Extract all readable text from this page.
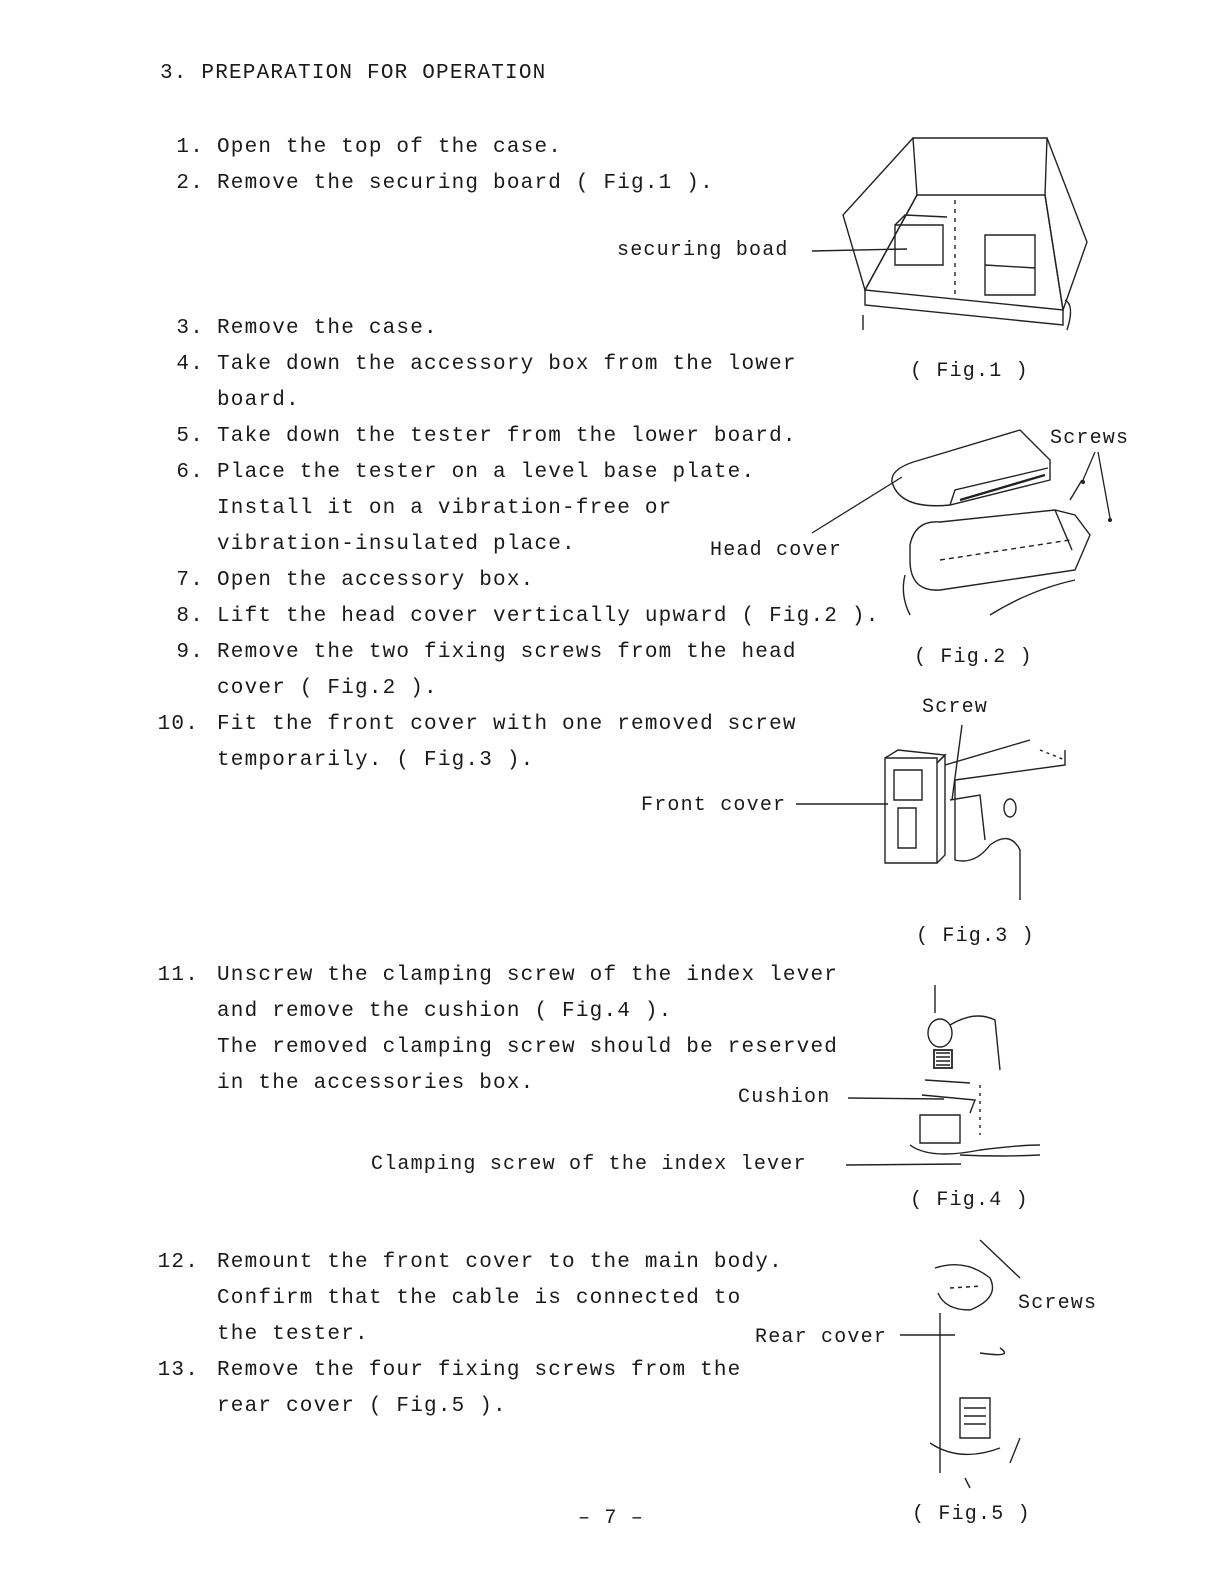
3. PREPARATION FOR OPERATION
1. Open the top of the case.
2. Remove the securing board ( Fig.1 ).
3. Remove the case.
4. Take down the accessory box from the lower
board.
5. Take down the tester from the lower board.
6. Place the tester on a level base plate.
Install it on a vibration-free or
vibration-insulated place.
7. Open the accessory box.
8. Lift the head cover vertically upward ( Fig.2 ).
9. Remove the two fixing screws from the head
cover ( Fig.2 ).
10. Fit the front cover with one removed screw
temporarily. ( Fig.3 ).
11. Unscrew the clamping screw of the index lever
and remove the cushion ( Fig.4 ).
The removed clamping screw should be reserved
in the accessories box.
12. Remount the front cover to the main body.
Confirm that the cable is connected to
the tester.
13. Remove the four fixing screws from the
rear cover ( Fig.5 ).
securing boad
( Fig.1 )
Screws
Head cover
( Fig.2 )
Screw
Front cover
( Fig.3 )
Cushion
Clamping screw of the index lever
( Fig.4 )
Screws
Rear cover
( Fig.5 )
– 7 –
